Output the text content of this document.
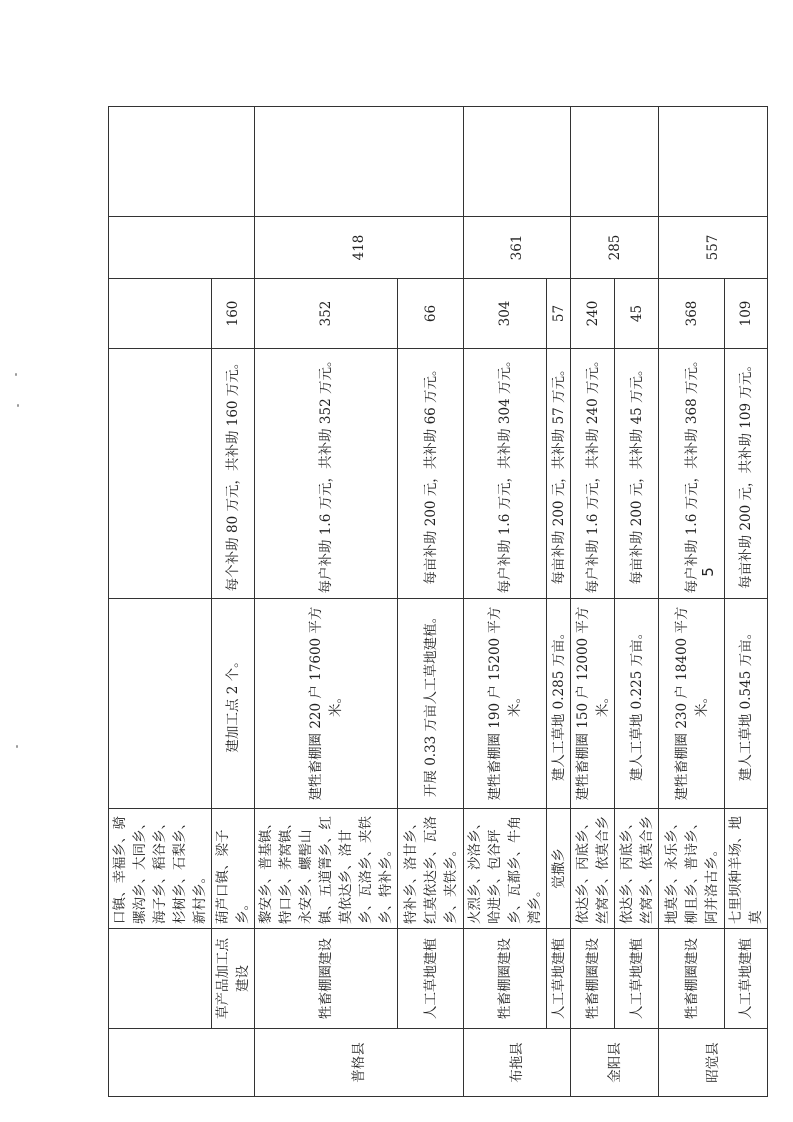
		口镇、幸福乡、骑骡沟乡、大同乡、海子乡、稻谷乡、杉树乡、石梨乡、新村乡。					
	草产品加工点建设	葫芦口镇、梁子乡。	建加工点 2 个。	每个补助 80 万元，共补助 160 万元。	160		
普格县	牲畜棚圈建设	黎安乡、普基镇、特口乡、荞窝镇、永安乡、螺髻山镇、五道箐乡、红莫依达乡、洛甘乡、瓦洛乡、夹铁乡、特补乡。	建牲畜棚圈 220 户 17600 平方米。	每户补助 1.6 万元，共补助 352 万元。	352	418	
	人工草地建植	特补乡、洛甘乡、红莫依达乡、瓦洛乡、夹铁乡。	开展 0.33 万亩人工草地建植。	每亩补助 200 元，共补助 66 万元。	66		
布拖县	牲畜棚圈建设	火烈乡、沙洛乡、哈进乡、包谷坪乡、瓦都乡、牛角湾乡。	建牲畜棚圈 190 户 15200 平方米。	每户补助 1.6 万元，共补助 304 万元。	304	361	
	人工草地建植	觉撒乡	建人工草地 0.285 万亩。	每亩补助 200 元，共补助 57 万元。	57		
金阳县	牲畜棚圈建设	依达乡、丙底乡、丝窝乡、依莫合乡	建牲畜棚圈 150 户 12000 平方米。	每户补助 1.6 万元，共补助 240 万元。	240	285	
	人工草地建植	依达乡、丙底乡、丝窝乡、依莫合乡	建人工草地 0.225 万亩。	每亩补助 200 元，共补助 45 万元。	45		
昭觉县	牲畜棚圈建设	地莫乡、永乐乡、柳且乡、普诗乡、阿并洛古乡。	建牲畜棚圈 230 户 18400 平方米。	每户补助 1.6 万元，共补助 368 万元。	368	557	
	人工草地建植	七里坝种羊场、地莫	建人工草地 0.545 万亩。	每亩补助 200 元，共补助 109 万元。	109		
5
